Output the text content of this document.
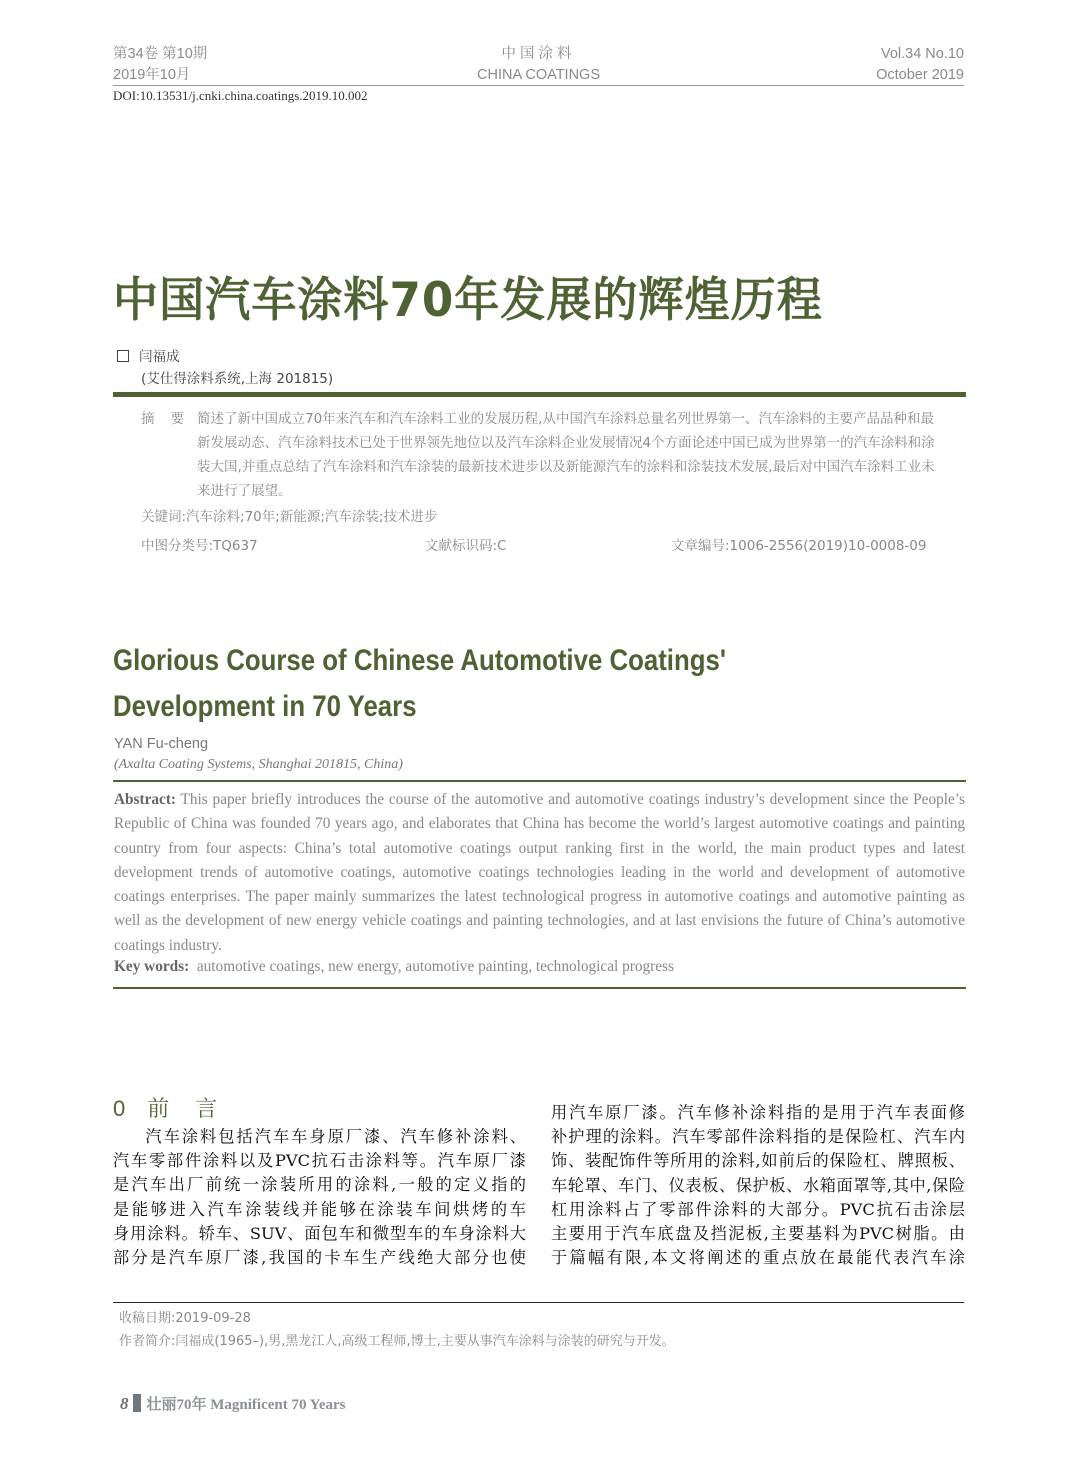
第34卷 第10期
2019年10月
中国涂料
CHINA COATINGS
Vol.34 No.10
October 2019
DOI:10.13531/j.cnki.china.coatings.2019.10.002
中国汽车涂料70年发展的辉煌历程
闫福成
(艾仕得涂料系统,上海 201815)
摘要:
简述了新中国成立70年来汽车和汽车涂料工业的发展历程,从中国汽车涂料总量名列世界第一、汽车涂料的主要产品品种和最新发展动态、汽车涂料技术已处于世界领先地位以及汽车涂料企业发展情况4个方面论述中国已成为世界第一的汽车涂料和涂装大国,并重点总结了汽车涂料和汽车涂装的最新技术进步以及新能源汽车的涂料和涂装技术发展,最后对中国汽车涂料工业未来进行了展望。
关键词:汽车涂料;70年;新能源;汽车涂装;技术进步
中图分类号:TQ637	文献标识码:C	文章编号:1006-2556(2019)10-0008-09
Glorious Course of Chinese Automotive Coatings'
Development in 70 Years
YAN Fu-cheng
(Axalta Coating Systems, Shanghai 201815, China)
Abstract: This paper briefly introduces the course of the automotive and automotive coatings industry’s development since the People’s Republic of China was founded 70 years ago, and elaborates that China has become the world’s largest automotive coatings and painting country from four aspects: China’s total automotive coatings output ranking first in the world, the main product types and latest development trends of automotive coatings, automotive coatings technologies leading in the world and development of automotive coatings enterprises. The paper mainly summarizes the latest technological progress in automotive coatings and automotive painting as well as the development of new energy vehicle coatings and painting technologies, and at last envisions the future of China’s automotive coatings industry.
Key words:  automotive coatings, new energy, automotive painting, technological progress
0 前言

汽车涂料包括汽车车身原厂漆、汽车修补涂料、

汽车零部件涂料以及PVC抗石击涂料等。汽车原厂漆

是汽车出厂前统一涂装所用的涂料,一般的定义指的

是能够进入汽车涂装线并能够在涂装车间烘烤的车

身用涂料。轿车、SUV、面包车和微型车的车身涂料大

部分是汽车原厂漆,我国的卡车生产线绝大部分也使

用汽车原厂漆。汽车修补涂料指的是用于汽车表面修

补护理的涂料。汽车零部件涂料指的是保险杠、汽车内

饰、装配饰件等所用的涂料,如前后的保险杠、牌照板、

车轮罩、车门、仪表板、保护板、水箱面罩等,其中,保险

杠用涂料占了零部件涂料的大部分。PVC抗石击涂层

主要用于汽车底盘及挡泥板,主要基料为PVC树脂。由

于篇幅有限,本文将阐述的重点放在最能代表汽车涂

收稿日期:2019-09-28
作者简介:闫福成(1965–),男,黑龙江人,高级工程师,博士,主要从事汽车涂料与涂装的研究与开发。
8 壮丽70年 Magnificent 70 Years
